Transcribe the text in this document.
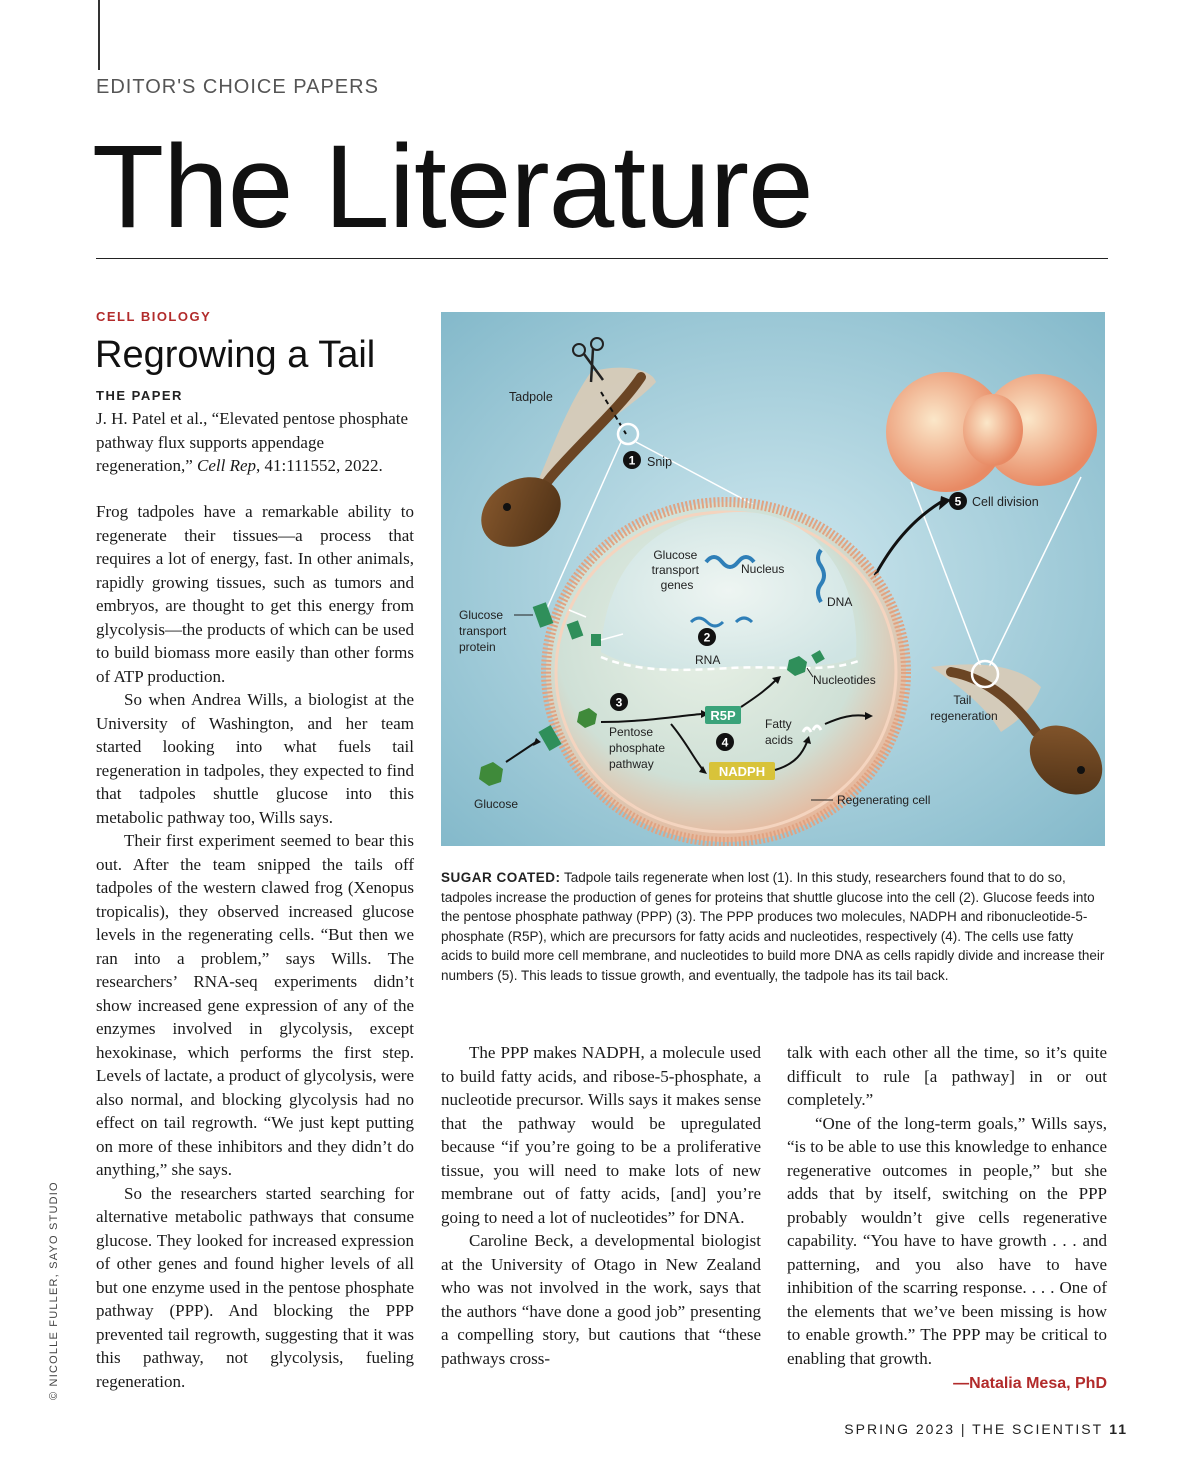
EDITOR'S CHOICE PAPERS
The Literature
CELL BIOLOGY
Regrowing a Tail
THE PAPER
J. H. Patel et al., “Elevated pentose phosphate pathway flux supports appendage regeneration,” Cell Rep, 41:111552, 2022.

Frog tadpoles have a remarkable ability to regenerate their tissues—a process that requires a lot of energy, fast. In other animals, rapidly growing tissues, such as tumors and embryos, are thought to get this energy from glycolysis—the products of which can be used to build biomass more easily than other forms of ATP production.

So when Andrea Wills, a biologist at the University of Washington, and her team started looking into what fuels tail regeneration in tadpoles, they expected to find that tadpoles shuttle glucose into this metabolic pathway too, Wills says.

Their first experiment seemed to bear this out. After the team snipped the tails off tadpoles of the western clawed frog (Xenopus tropicalis), they observed increased glucose levels in the regenerating cells. “But then we ran into a problem,” says Wills. The researchers’ RNA-seq experiments didn’t show increased gene expression of any of the enzymes involved in glycolysis, except hexokinase, which performs the first step. Levels of lactate, a product of glycolysis, were also normal, and blocking glycolysis had no effect on tail regrowth. “We just kept putting on more of these inhibitors and they didn’t do anything,” she says.

So the researchers started searching for alternative metabolic pathways that consume glucose. They looked for increased expression of other genes and found higher levels of all but one enzyme used in the pentose phosphate pathway (PPP). And blocking the PPP prevented tail regrowth, suggesting that it was this pathway, not glycolysis, fueling regeneration.

Tadpole
1 Snip
5 Cell division
Glucose transport genes
Nucleus
DNA
2
RNA
Glucose transport protein
Nucleotides
Tail regeneration
3
Glucose
R5P
Pentose phosphate pathway
4
NADPH
Fatty acids
Regenerating cell
SUGAR COATED: Tadpole tails regenerate when lost (1). In this study, researchers found that to do so, tadpoles increase the production of genes for proteins that shuttle glucose into the cell (2). Glucose feeds into the pentose phosphate pathway (PPP) (3). The PPP produces two molecules, NADPH and ribonucleotide-5-phosphate (R5P), which are precursors for fatty acids and nucleotides, respectively (4). The cells use fatty acids to build more cell membrane, and nucleotides to build more DNA as cells rapidly divide and increase their numbers (5). This leads to tissue growth, and eventually, the tadpole has its tail back.

The PPP makes NADPH, a molecule used to build fatty acids, and ribose-5-phosphate, a nucleotide precursor. Wills says it makes sense that the pathway would be upregulated because “if you’re going to be a proliferative tissue, you will need to make lots of new membrane out of fatty acids, [and] you’re going to need a lot of nucleotides” for DNA.

Caroline Beck, a developmental biologist at the University of Otago in New Zealand who was not involved in the work, says that the authors “have done a good job” presenting a compelling story, but cautions that “these pathways cross-

talk with each other all the time, so it’s quite difficult to rule [a pathway] in or out completely.”

“One of the long-term goals,” Wills says, “is to be able to use this knowledge to enhance regenerative outcomes in people,” but she adds that by itself, switching on the PPP probably wouldn’t give cells regenerative capability. “You have to have growth . . . and patterning, and you also have to have inhibition of the scarring response. . . . One of the elements that we’ve been missing is how to enable growth.” The PPP may be critical to enabling that growth.

—Natalia Mesa, PhD
© NICOLLE FULLER, SAYO STUDIO
SPRING 2023 | THE SCIENTIST 11
